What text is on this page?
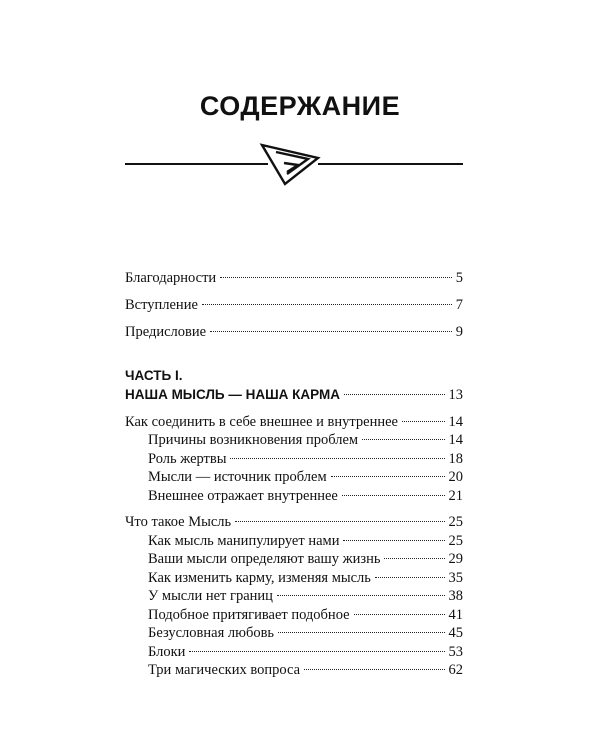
СОДЕРЖАНИЕ
Благодарности	5
Вступление	7
Предисловие	9
ЧАСТЬ I.
НАША МЫСЛЬ — НАША КАРМА	13
Как соединить в себе внешнее и внутреннее	14
Причины возникновения проблем	14
Роль жертвы	18
Мысли — источник проблем	20
Внешнее отражает внутреннее	21
Что такое Мысль	25
Как мысль манипулирует нами	25
Ваши мысли определяют вашу жизнь	29
Как изменить карму, изменяя мысль	35
У мысли нет границ	38
Подобное притягивает подобное	41
Безусловная любовь	45
Блоки	53
Три магических вопроса	62
